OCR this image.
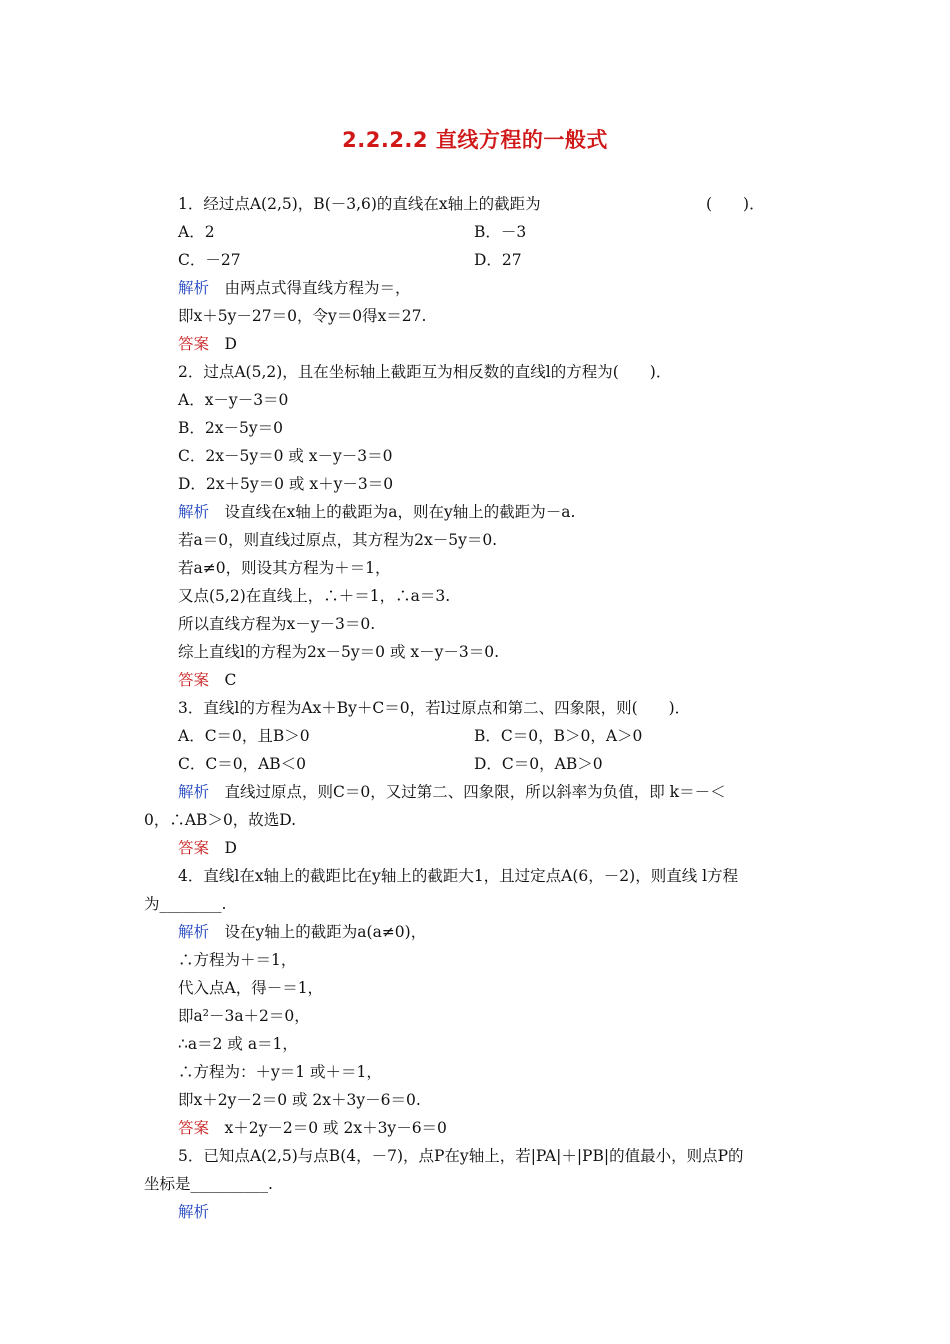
2.2.2.2 直线方程的一般式
1．经过点A(2,5)，B(－3,6)的直线在x轴上的截距为	(　　)．
A．2	B．－3
C．－27	D．27
解析　 由两点式得直线方程为＝，
即x＋5y－27＝0，令y＝0得x＝27.
答案　 D
2．过点A(5,2)，且在坐标轴上截距互为相反数的直线l的方程为(　　)．
A．x－y－3＝0
B．2x－5y＝0
C．2x－5y＝0 或 x－y－3＝0
D．2x＋5y＝0 或 x＋y－3＝0
解析　 设直线在x轴上的截距为a，则在y轴上的截距为－a.
若a＝0，则直线过原点，其方程为2x－5y＝0.
若a≠0，则设其方程为＋＝1，
又点(5,2)在直线上，∴＋＝1，∴a＝3.
所以直线方程为x－y－3＝0.
综上直线l的方程为2x－5y＝0 或 x－y－3＝0.
答案　 C
3．直线l的方程为Ax＋By＋C＝0，若l过原点和第二、四象限，则(　　)．
A．C＝0，且B＞0	B．C＝0，B＞0，A＞0
C．C＝0，AB＜0	D．C＝0，AB＞0
解析　 直线过原点，则C＝0，又过第二、四象限，所以斜率为负值，即 k＝－＜
0，∴AB＞0，故选D.
答案　 D
4．直线l在x轴上的截距比在y轴上的截距大1，且过定点A(6，－2)，则直线 l方程
为________.
解析　 设在y轴上的截距为a(a≠0)，
∴方程为＋＝1，
代入点A，得－＝1，
即a²－3a＋2＝0，
∴a＝2 或 a＝1，
∴方程为：＋y＝1 或＋＝1，
即x＋2y－2＝0 或 2x＋3y－6＝0.
答案　 x＋2y－2＝0 或 2x＋3y－6＝0
5．已知点A(2,5)与点B(4，－7)，点P在y轴上，若|PA|＋|PB|的值最小，则点P的
坐标是__________.
解析
